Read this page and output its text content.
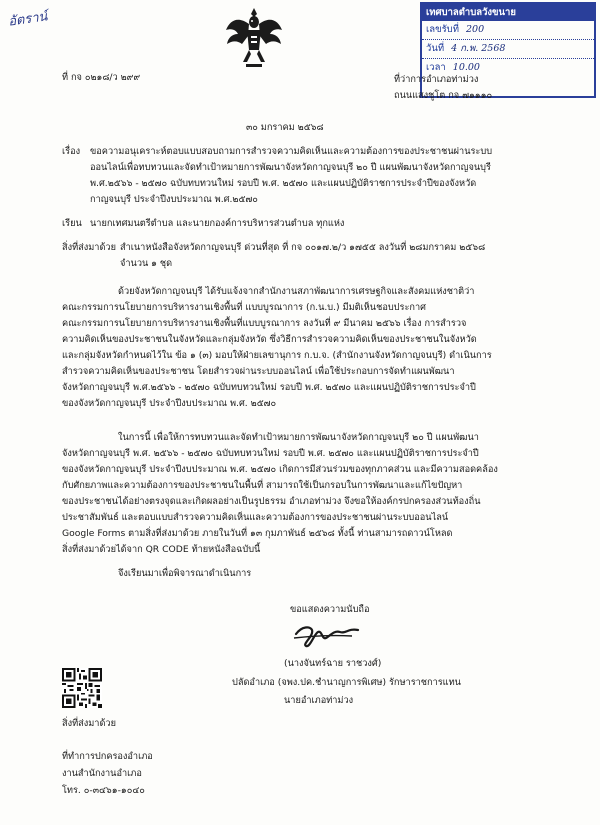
อัตราน์	เทศบาลตำบลวังขนาย
เลขรับที่ 200
วันที่ 4 ก.พ. 2568
เวลา 10.00
ที่ กจ ๐๒๑๘/ว ๒๙๙	ที่ว่าการอำเภอท่าม่วง
ถนนแสงชูโต กจ ๗๑๑๑๐
๓๐ มกราคม ๒๕๖๘
เรื่อง ขอความอนุเคราะห์ตอบแบบสอบถามการสำรวจความคิดเห็นและความต้องการของประชาชนผ่านระบบ
ออนไลน์เพื่อทบทวนและจัดทำเป้าหมายการพัฒนาจังหวัดกาญจนบุรี ๒๐ ปี แผนพัฒนาจังหวัดกาญจนบุรี
พ.ศ.๒๕๖๖ - ๒๕๗๐ ฉบับทบทวนใหม่ รอบปี พ.ศ. ๒๕๗๐ และแผนปฏิบัติราชการประจำปีของจังหวัด
กาญจนบุรี ประจำปีงบประมาณ พ.ศ.๒๕๗๐
เรียน นายกเทศมนตรีตำบล และนายกองค์การบริหารส่วนตำบล ทุกแห่ง
สิ่งที่ส่งมาด้วย สำเนาหนังสือจังหวัดกาญจนบุรี ด่วนที่สุด ที่ กจ ๐๐๑๗.๒/ว ๑๗๕๕ ลงวันที่ ๒๘มกราคม ๒๕๖๘
จำนวน ๑ ชุด
ด้วยจังหวัดกาญจนบุรี ได้รับแจ้งจากสำนักงานสภาพัฒนาการเศรษฐกิจและสังคมแห่งชาติว่า
คณะกรรมการนโยบายการบริหารงานเชิงพื้นที่ แบบบูรณาการ (ก.น.บ.) มีมติเห็นชอบประกาศ
คณะกรรมการนโยบายการบริหารงานเชิงพื้นที่แบบบูรณาการ ลงวันที่ ๙ มีนาคม ๒๕๖๖ เรื่อง การสำรวจ
ความคิดเห็นของประชาชนในจังหวัดและกลุ่มจังหวัด ซึ่งวิธีการสำรวจความคิดเห็นของประชาชนในจังหวัด
และกลุ่มจังหวัดกำหนดไว้ใน ข้อ ๑ (๓) มอบให้ฝ่ายเลขานุการ ก.บ.จ. (สำนักงานจังหวัดกาญจนบุรี) ดำเนินการ
สำรวจความคิดเห็นของประชาชน โดยสำรวจผ่านระบบออนไลน์ เพื่อใช้ประกอบการจัดทำแผนพัฒนา
จังหวัดกาญจนบุรี พ.ศ.๒๕๖๖ - ๒๕๗๐ ฉบับทบทวนใหม่ รอบปี พ.ศ. ๒๕๗๐ และแผนปฏิบัติราชการประจำปี
ของจังหวัดกาญจนบุรี ประจำปีงบประมาณ พ.ศ. ๒๕๗๐
ในการนี้ เพื่อให้การทบทวนและจัดทำเป้าหมายการพัฒนาจังหวัดกาญจนบุรี ๒๐ ปี แผนพัฒนา
จังหวัดกาญจนบุรี พ.ศ. ๒๕๖๖ - ๒๕๗๐ ฉบับทบทวนใหม่ รอบปี พ.ศ. ๒๕๗๐ และแผนปฏิบัติราชการประจำปี
ของจังหวัดกาญจนบุรี ประจำปีงบประมาณ พ.ศ. ๒๕๗๐ เกิดการมีส่วนร่วมของทุกภาคส่วน และมีความสอดคล้อง
กับศักยภาพและความต้องการของประชาชนในพื้นที่ สามารถใช้เป็นกรอบในการพัฒนาและแก้ไขปัญหา
ของประชาชนได้อย่างตรงจุดและเกิดผลอย่างเป็นรูปธรรม อำเภอท่าม่วง จึงขอให้องค์กรปกครองส่วนท้องถิ่น
ประชาสัมพันธ์ และตอบแบบสำรวจความคิดเห็นและความต้องการของประชาชนผ่านระบบออนไลน์
Google Forms ตามสิ่งที่ส่งมาด้วย ภายในวันที่ ๑๓ กุมภาพันธ์ ๒๕๖๘ ทั้งนี้ ท่านสามารถดาวน์โหลด
สิ่งที่ส่งมาด้วยได้จาก QR CODE ท้ายหนังสือฉบับนี้
จึงเรียนมาเพื่อพิจารณาดำเนินการ
ขอแสดงความนับถือ
(นางจันทร์ฉาย ราชวงศ์)
ปลัดอำเภอ (จพง.ปค.ชำนาญการพิเศษ) รักษาราชการแทน
นายอำเภอท่าม่วง
สิ่งที่ส่งมาด้วย
ที่ทำการปกครองอำเภอ
งานสำนักงานอำเภอ
โทร. ๐-๓๔๖๑-๑๐๔๐
